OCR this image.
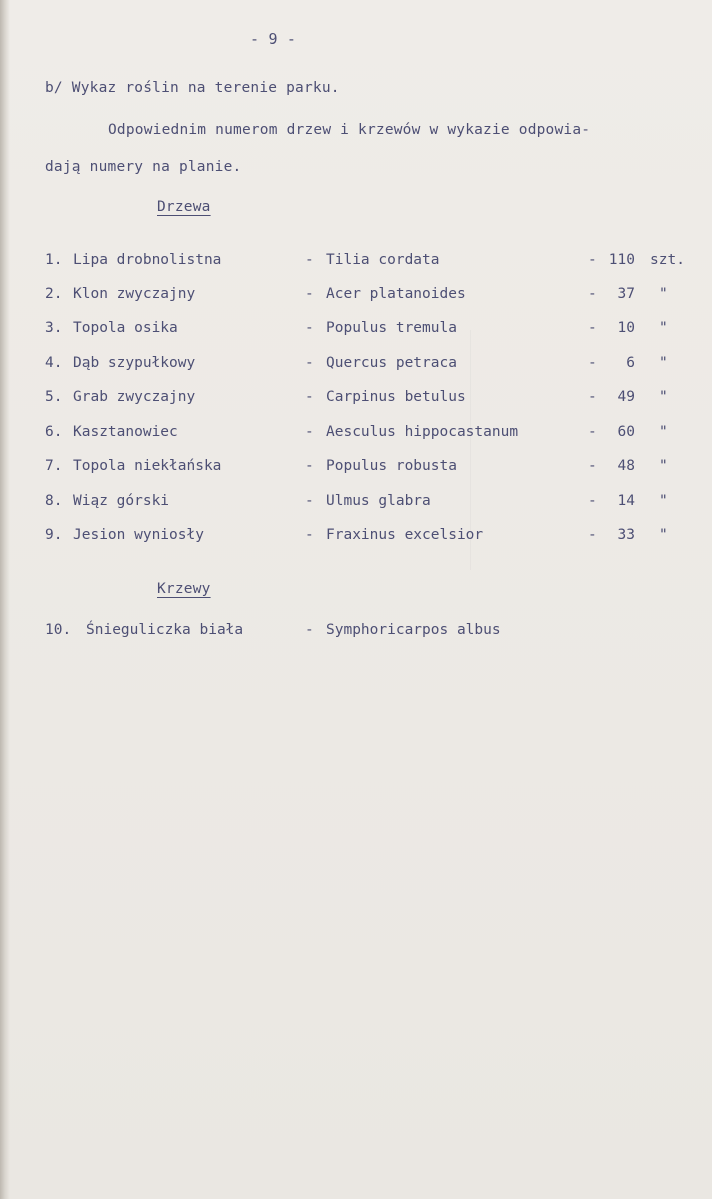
- 9 -
b/ Wykaz roślin na terenie parku.
Odpowiednim numerom drzew i krzewów w wykazie odpowia-
dają numery na planie.
Drzewa
1. Lipa drobnolistna	- Tilia cordata	- 110 szt.
2. Klon zwyczajny	- Acer platanoides	-	37 "
3. Topola osika	- Populus tremula	-	10 "
4. Dąb szypułkowy	- Quercus petraca	-	6 "
5. Grab zwyczajny	- Carpinus betulus	-	49 "
6. Kasztanowiec	- Aesculus hippocastanum	-	60 "
7. Topola niekłańska	- Populus robusta	-	48 "
8. Wiąz górski	- Ulmus glabra	-	14 "
9. Jesion wyniosły	- Fraxinus excelsior	-	33 "
Krzewy
10. Śnieguliczka biała	- Symphoricarpos albus
